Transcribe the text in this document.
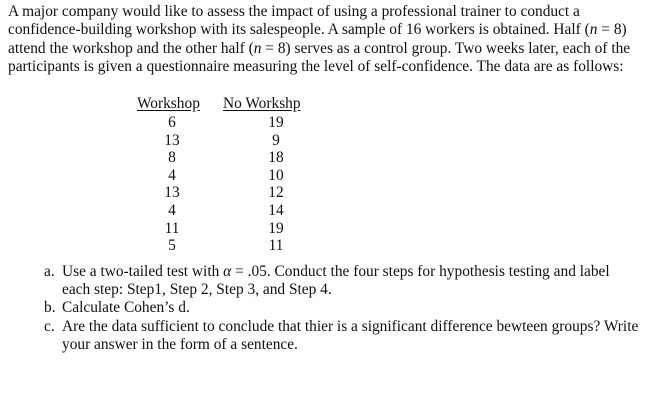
A major company would like to assess the impact of using a professional trainer to conduct a confidence-building workshop with its salespeople. A sample of 16 workers is obtained. Half (n = 8) attend the workshop and the other half (n = 8) serves as a control group. Two weeks later, each of the participants is given a questionnaire measuring the level of self-confidence. The data are as follows:
Workshop	No Workshp
6	19
13	9
8	18
4	10
13	12
4	14
11	19
5	11
a. Use a two-tailed test with α = .05. Conduct the four steps for hypothesis testing and label each step: Step1, Step 2, Step 3, and Step 4.
b. Calculate Cohen’s d.
c. Are the data sufficient to conclude that thier is a significant difference bewteen groups? Write your answer in the form of a sentence.
